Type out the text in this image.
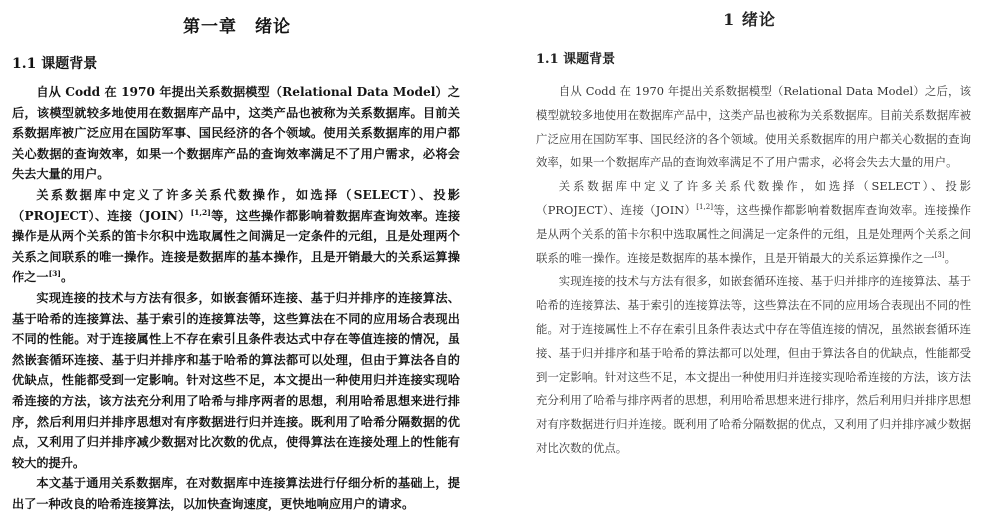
第一章　绪论
1.1 课题背景

自从 Codd 在 1970 年提出关系数据模型（Relational Data Model）之后，该模型就较多地使用在数据库产品中，这类产品也被称为关系数据库。目前关系数据库被广泛应用在国防军事、国民经济的各个领域。使用关系数据库的用户都关心数据的查询效率，如果一个数据库产品的查询效率满足不了用户需求，必将会失去大量的用户。

关系数据库中定义了许多关系代数操作，如选择（SELECT）、投影（PROJECT）、连接（JOIN）[1,2]等，这些操作都影响着数据库查询效率。连接操作是从两个关系的笛卡尔积中选取属性之间满足一定条件的元组，且是处理两个关系之间联系的唯一操作。连接是数据库的基本操作，且是开销最大的关系运算操作之一[3]。

实现连接的技术与方法有很多，如嵌套循环连接、基于归并排序的连接算法、基于哈希的连接算法、基于索引的连接算法等，这些算法在不同的应用场合表现出不同的性能。对于连接属性上不存在索引且条件表达式中存在等值连接的情况，虽然嵌套循环连接、基于归并排序和基于哈希的算法都可以处理，但由于算法各自的优缺点，性能都受到一定影响。针对这些不足，本文提出一种使用归并连接实现哈希连接的方法，该方法充分利用了哈希与排序两者的思想，利用哈希思想来进行排序，然后利用归并排序思想对有序数据进行归并连接。既利用了哈希分隔数据的优点，又利用了归并排序减少数据对比次数的优点，使得算法在连接处理上的性能有较大的提升。

本文基于通用关系数据库，在对数据库中连接算法进行仔细分析的基础上，提出了一种改良的哈希连接算法，以加快查询速度，更快地响应用户的请求。

1 绪论
1.1 课题背景

自从 Codd 在 1970 年提出关系数据模型（Relational Data Model）之后，该模型就较多地使用在数据库产品中，这类产品也被称为关系数据库。目前关系数据库被广泛应用在国防军事、国民经济的各个领域。使用关系数据库的用户都关心数据的查询效率，如果一个数据库产品的查询效率满足不了用户需求，必将会失去大量的用户。

关系数据库中定义了许多关系代数操作，如选择（SELECT）、投影（PROJECT）、连接（JOIN）[1,2]等，这些操作都影响着数据库查询效率。连接操作是从两个关系的笛卡尔积中选取属性之间满足一定条件的元组，且是处理两个关系之间联系的唯一操作。连接是数据库的基本操作，且是开销最大的关系运算操作之一[3]。

实现连接的技术与方法有很多，如嵌套循环连接、基于归并排序的连接算法、基于哈希的连接算法、基于索引的连接算法等，这些算法在不同的应用场合表现出不同的性能。对于连接属性上不存在索引且条件表达式中存在等值连接的情况，虽然嵌套循环连接、基于归并排序和基于哈希的算法都可以处理，但由于算法各自的优缺点，性能都受到一定影响。针对这些不足，本文提出一种使用归并连接实现哈希连接的方法，该方法充分利用了哈希与排序两者的思想，利用哈希思想来进行排序，然后利用归并排序思想对有序数据进行归并连接。既利用了哈希分隔数据的优点，又利用了归并排序减少数据对比次数的优点。
